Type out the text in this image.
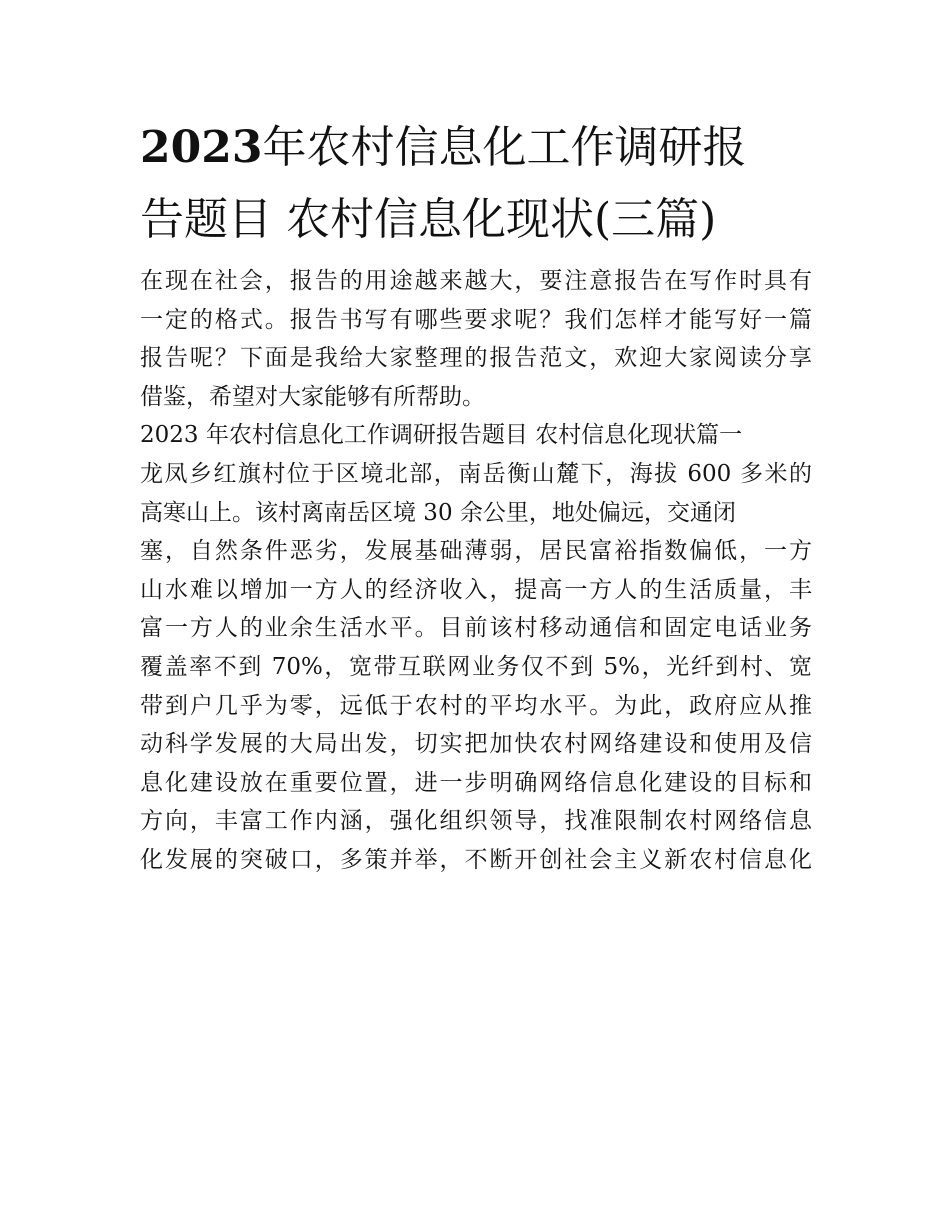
2023年农村信息化工作调研报
告题目 农村信息化现状(三篇)

在现在社会，报告的用途越来越大，要注意报告在写作时具有
一定的格式。报告书写有哪些要求呢？我们怎样才能写好一篇
报告呢？下面是我给大家整理的报告范文，欢迎大家阅读分享
借鉴，希望对大家能够有所帮助。

2023 年农村信息化工作调研报告题目 农村信息化现状篇一

龙凤乡红旗村位于区境北部，南岳衡山麓下，海拔 600 多米的
高寒山上。该村离南岳区境 30 余公里，地处偏远，交通闭
塞，自然条件恶劣，发展基础薄弱，居民富裕指数偏低，一方
山水难以增加一方人的经济收入，提高一方人的生活质量，丰
富一方人的业余生活水平。目前该村移动通信和固定电话业务
覆盖率不到 70%，宽带互联网业务仅不到 5%，光纤到村、宽
带到户几乎为零，远低于农村的平均水平。为此，政府应从推
动科学发展的大局出发，切实把加快农村网络建设和使用及信
息化建设放在重要位置，进一步明确网络信息化建设的目标和
方向，丰富工作内涵，强化组织领导，找准限制农村网络信息
化发展的突破口，多策并举，不断开创社会主义新农村信息化
